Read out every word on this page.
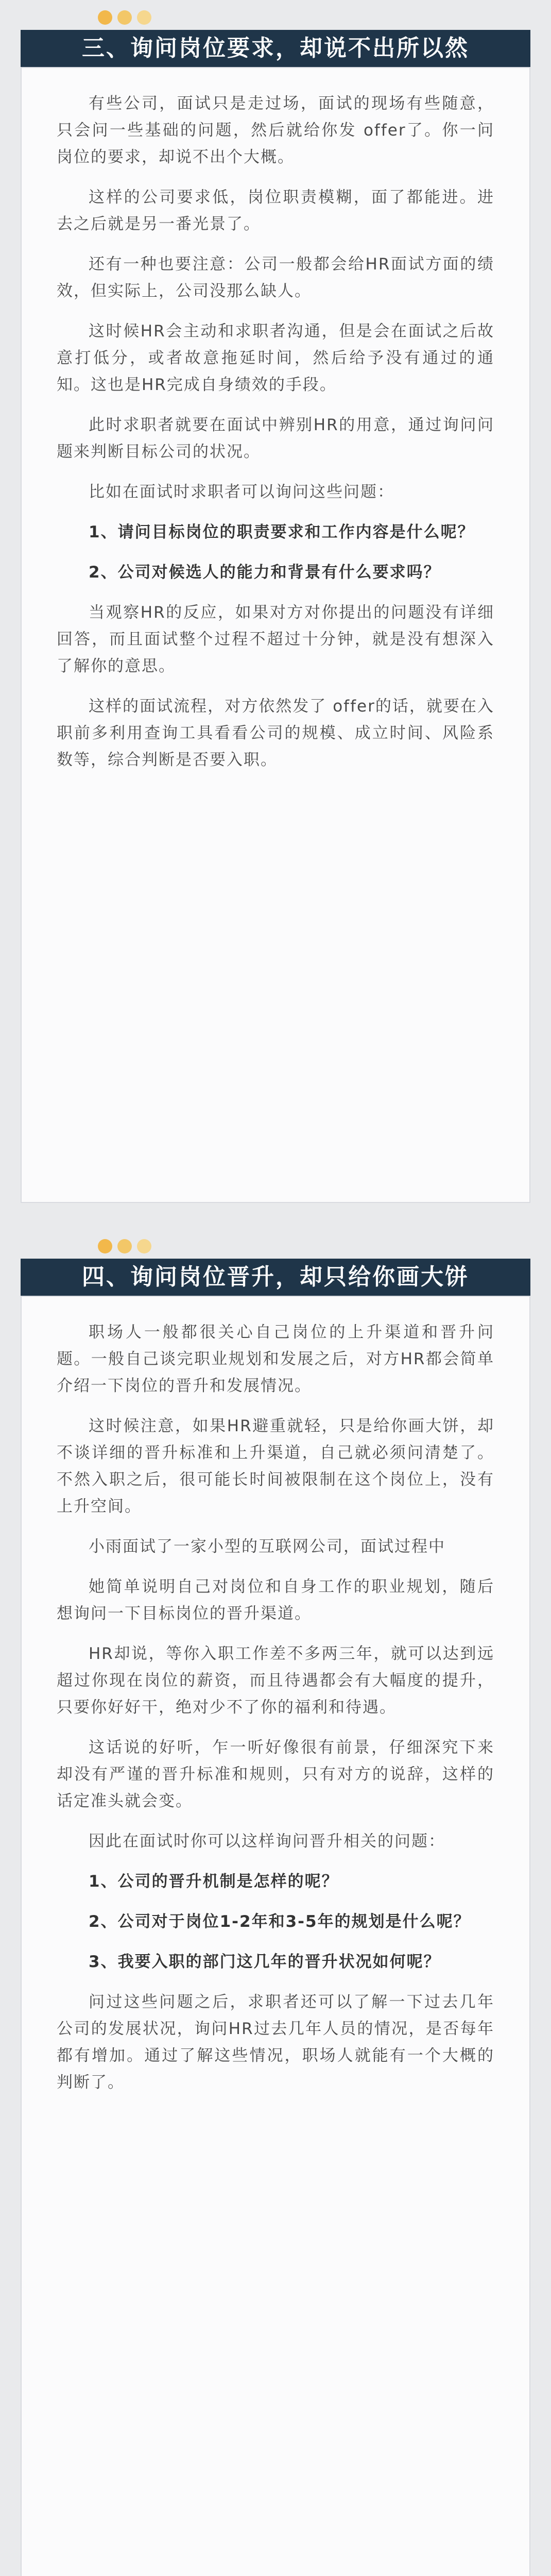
三、询问岗位要求，却说不出所以然

有些公司，面试只是走过场，面试的现场有些随意，只会问一些基础的问题，然后就给你发 offer了。你一问岗位的要求，却说不出个大概。

这样的公司要求低，岗位职责模糊，面了都能进。进去之后就是另一番光景了。

还有一种也要注意：公司一般都会给HR面试方面的绩效，但实际上，公司没那么缺人。

这时候HR会主动和求职者沟通，但是会在面试之后故意打低分，或者故意拖延时间，然后给予没有通过的通知。这也是HR完成自身绩效的手段。

此时求职者就要在面试中辨别HR的用意，通过询问问题来判断目标公司的状况。

比如在面试时求职者可以询问这些问题：

1、请问目标岗位的职责要求和工作内容是什么呢？

2、公司对候选人的能力和背景有什么要求吗？

当观察HR的反应，如果对方对你提出的问题没有详细回答，而且面试整个过程不超过十分钟，就是没有想深入了解你的意思。

这样的面试流程，对方依然发了 offer的话，就要在入职前多利用查询工具看看公司的规模、成立时间、风险系数等，综合判断是否要入职。

四、询问岗位晋升，却只给你画大饼

职场人一般都很关心自己岗位的上升渠道和晋升问题。一般自己谈完职业规划和发展之后，对方HR都会简单介绍一下岗位的晋升和发展情况。

这时候注意，如果HR避重就轻，只是给你画大饼，却不谈详细的晋升标准和上升渠道，自己就必须问清楚了。不然入职之后，很可能长时间被限制在这个岗位上，没有上升空间。

小雨面试了一家小型的互联网公司，面试过程中

她简单说明自己对岗位和自身工作的职业规划，随后想询问一下目标岗位的晋升渠道。

HR却说，等你入职工作差不多两三年，就可以达到远超过你现在岗位的薪资，而且待遇都会有大幅度的提升，只要你好好干，绝对少不了你的福利和待遇。

这话说的好听，乍一听好像很有前景，仔细深究下来却没有严谨的晋升标准和规则，只有对方的说辞，这样的话定准头就会变。

因此在面试时你可以这样询问晋升相关的问题：

1、公司的晋升机制是怎样的呢？

2、公司对于岗位1-2年和3-5年的规划是什么呢？

3、我要入职的部门这几年的晋升状况如何呢？

问过这些问题之后，求职者还可以了解一下过去几年公司的发展状况，询问HR过去几年人员的情况，是否每年都有增加。通过了解这些情况，职场人就能有一个大概的判断了。
